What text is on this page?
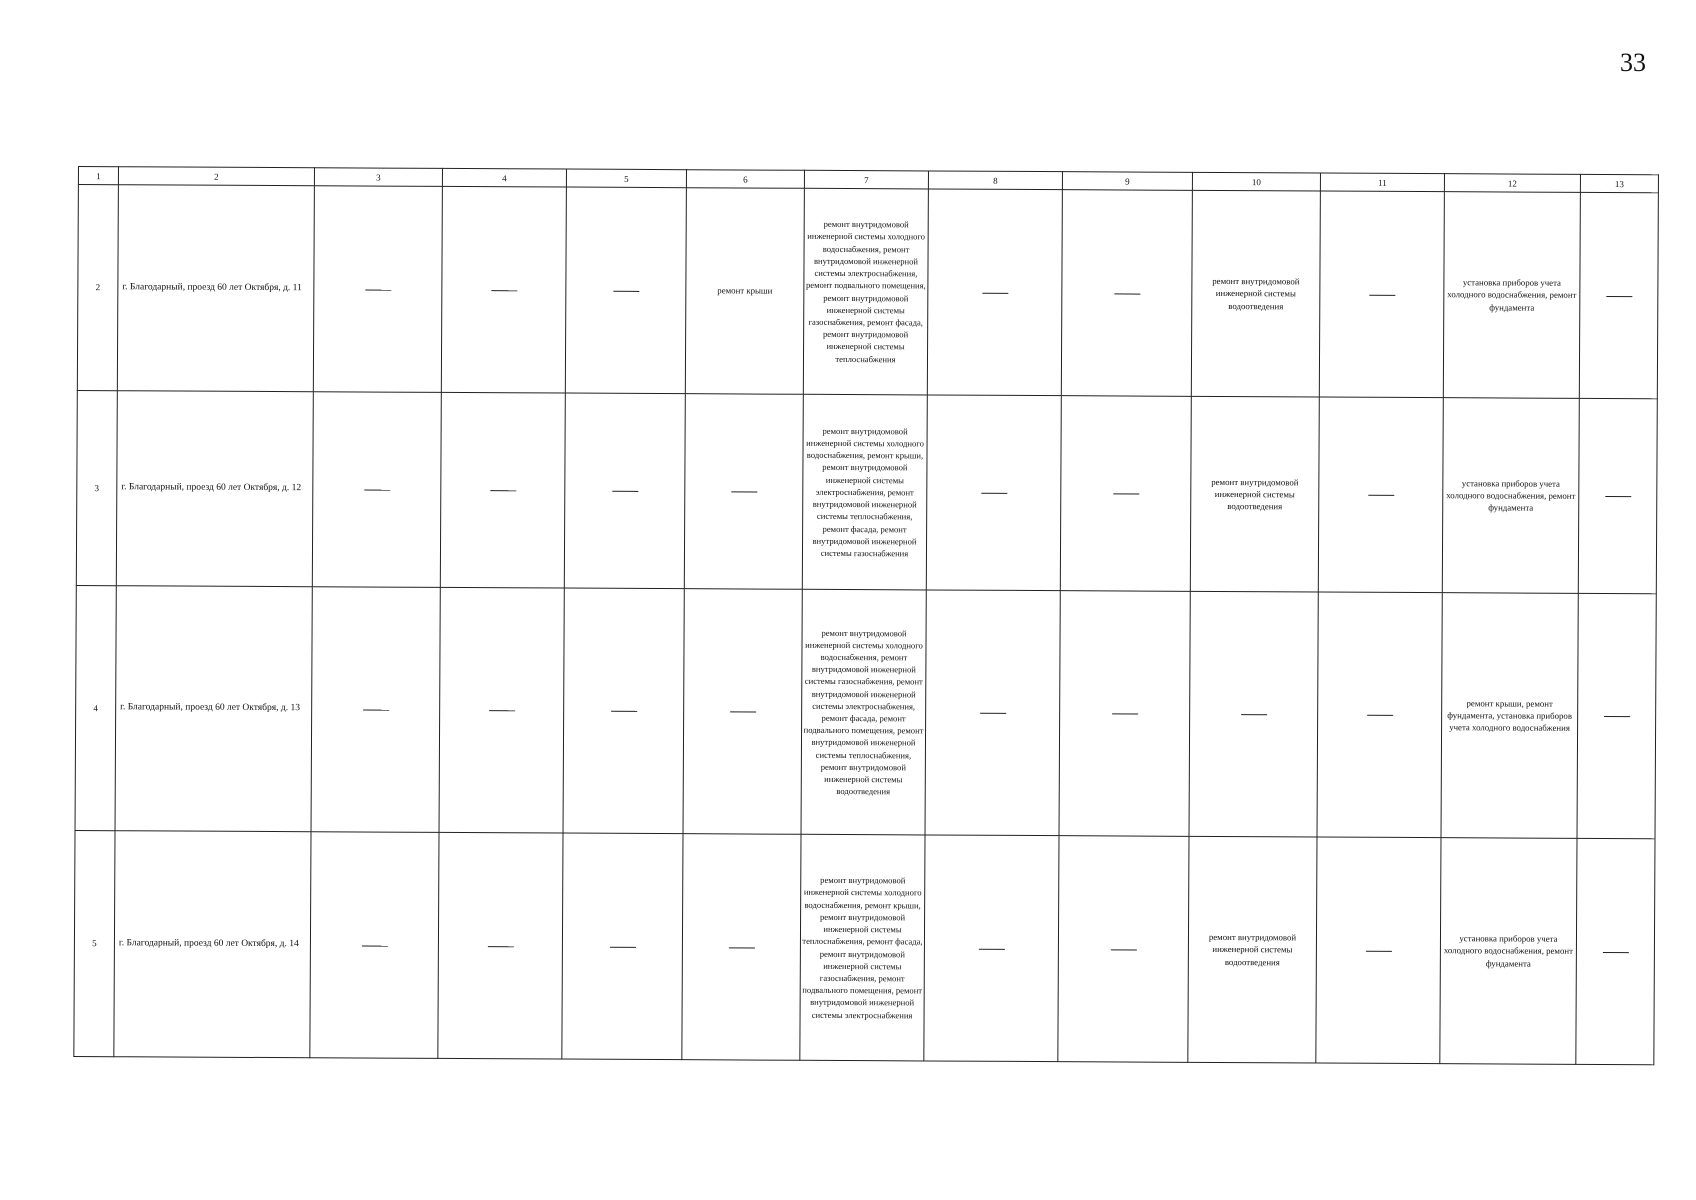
33
1	2	3	4	5	6	7	8	9	10	11	12	13
2	г. Благодарный, проезд 60 лет Октября, д. 11				ремонт крыши	ремонт внутридомовой инженерной системы холодного водоснабжения, ремонт внутридомовой инженерной системы электроснабжения, ремонт подвального помещения, ремонт внутридомовой инженерной системы газоснабжения, ремонт фасада, ремонт внутридомовой инженерной системы теплоснабжения			ремонт внутридомовой инженерной системы водоотведения		установка приборов учета холодного водоснабжения, ремонт фундамента	
3	г. Благодарный, проезд 60 лет Октября, д. 12					ремонт внутридомовой инженерной системы холодного водоснабжения, ремонт крыши, ремонт внутридомовой инженерной системы электроснабжения, ремонт внутридомовой инженерной системы теплоснабжения, ремонт фасада, ремонт внутридомовой инженерной системы газоснабжения			ремонт внутридомовой инженерной системы водоотведения		установка приборов учета холодного водоснабжения, ремонт фундамента	
4	г. Благодарный, проезд 60 лет Октября, д. 13					ремонт внутридомовой инженерной системы холодного водоснабжения, ремонт внутридомовой инженерной системы газоснабжения, ремонт внутридомовой инженерной системы электроснабжения, ремонт фасада, ремонт подвального помещения, ремонт внутридомовой инженерной системы теплоснабжения, ремонт внутридомовой инженерной системы водоотведения					ремонт крыши, ремонт фундамента, установка приборов учета холодного водоснабжения	
5	г. Благодарный, проезд 60 лет Октября, д. 14					ремонт внутридомовой инженерной системы холодного водоснабжения, ремонт крыши, ремонт внутридомовой инженерной системы теплоснабжения, ремонт фасада, ремонт внутридомовой инженерной системы газоснабжения, ремонт подвального помещения, ремонт внутридомовой инженерной системы электроснабжения			ремонт внутридомовой инженерной системы водоотведения		установка приборов учета холодного водоснабжения, ремонт фундамента	
